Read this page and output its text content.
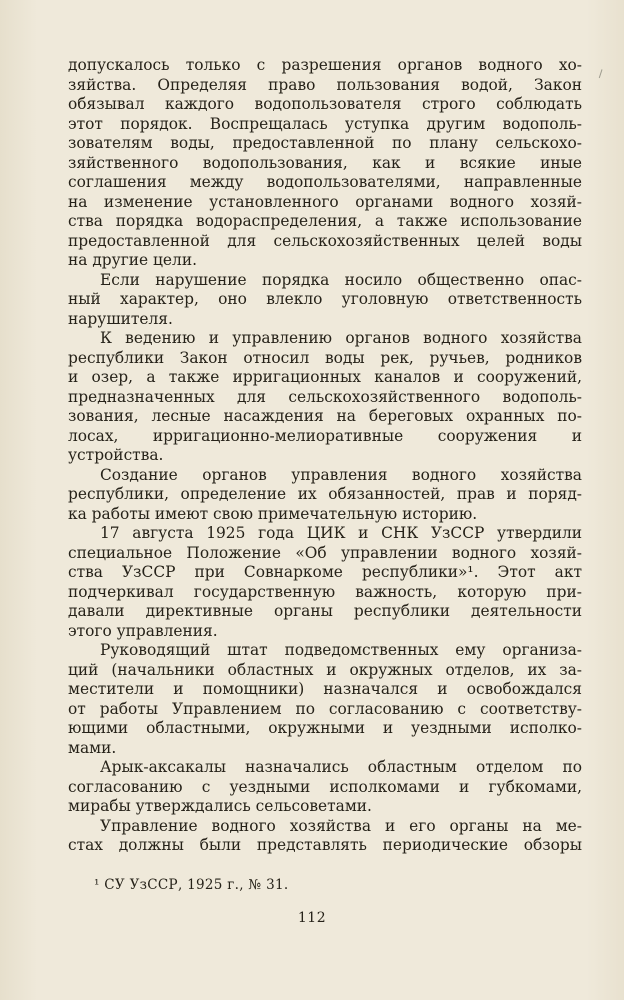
допускалось только с разрешения органов водного хо-
зяйства. Определяя право пользования водой, Закон
обязывал каждого водопользователя строго соблюдать
этот порядок. Воспрещалась уступка другим водополь-
зователям воды, предоставленной по плану сельскохо-
зяйственного водопользования, как и всякие иные
соглашения между водопользователями, направленные
на изменение установленного органами водного хозяй-
ства порядка водораспределения, а также использование
предоставленной для сельскохозяйственных целей воды
на другие цели.
Если нарушение порядка носило общественно опас-
ный характер, оно влекло уголовную ответственность
нарушителя.
К ведению и управлению органов водного хозяйства
республики Закон относил воды рек, ручьев, родников
и озер, а также ирригационных каналов и сооружений,
предназначенных для сельскохозяйственного водополь-
зования, лесные насаждения на береговых охранных по-
лосах, ирригационно-мелиоративные сооружения и
устройства.
Создание органов управления водного хозяйства
республики, определение их обязанностей, прав и поряд-
ка работы имеют свою примечательную историю.
17 августа 1925 года ЦИК и СНК УзССР утвердили
специальное Положение «Об управлении водного хозяй-
ства УзССР при Совнаркоме республики»¹. Этот акт
подчеркивал государственную важность, которую при-
давали директивные органы республики деятельности
этого управления.
Руководящий штат подведомственных ему организа-
ций (начальники областных и окружных отделов, их за-
местители и помощники) назначался и освобождался
от работы Управлением по согласованию с соответству-
ющими областными, окружными и уездными исполко-
мами.
Арык-аксакалы назначались областным отделом по
согласованию с уездными исполкомами и губкомами,
мирабы утверждались сельсоветами.
Управление водного хозяйства и его органы на ме-
стах должны были представлять периодические обзоры
¹ СУ УзССР, 1925 г., № 31.
112
